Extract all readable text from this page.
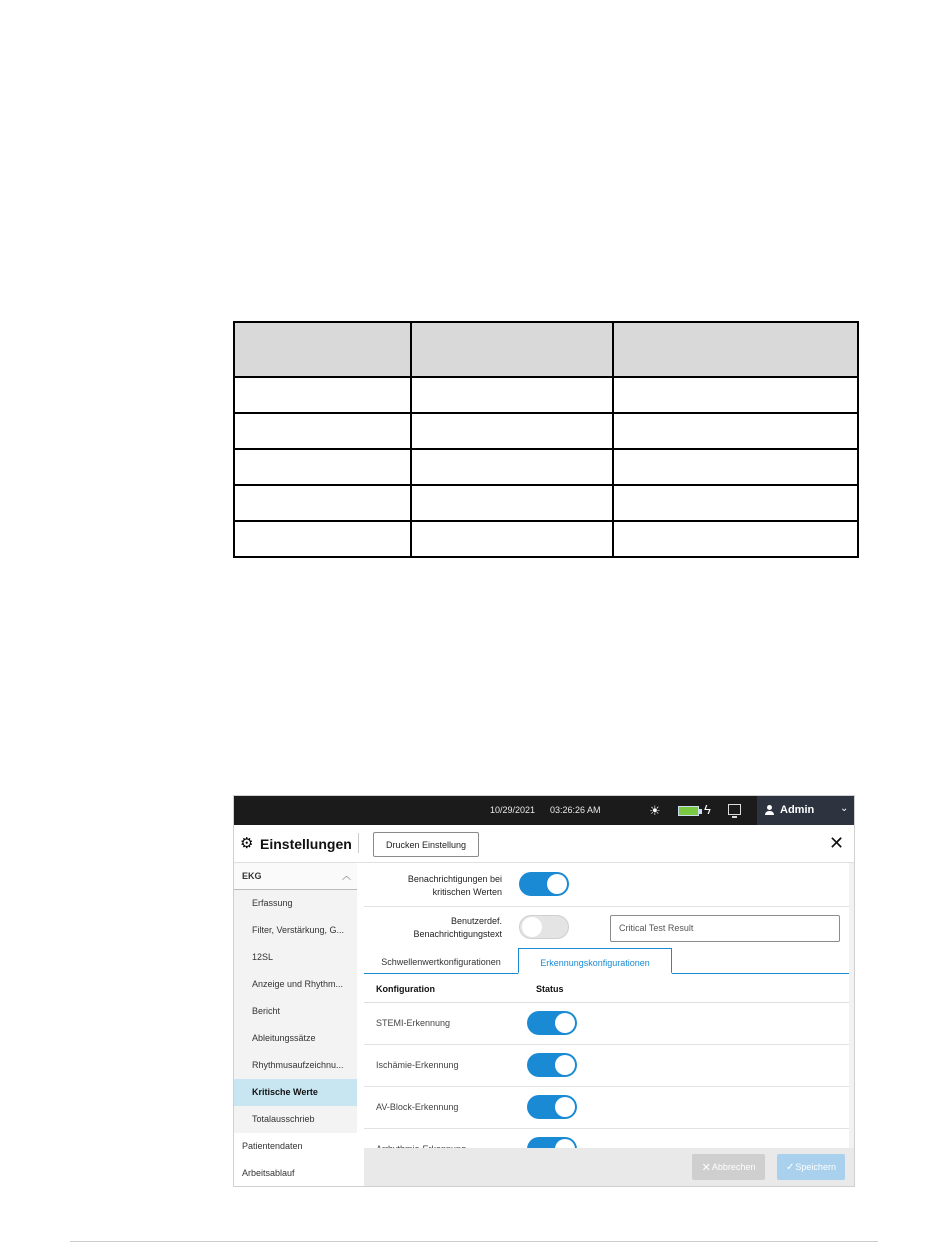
10/29/2021 03:26:26 AM	☀	ϟ	Admin	⌄
⚙ Einstellungen	Drucken Einstellung	✕
EKG	︿
Erfassung
Filter, Verstärkung, G...
12SL
Anzeige und Rhythm...
Bericht
Ableitungssätze
Rhythmusaufzeichnu...
Kritische Werte
Totalausschrieb
Patientendaten
Arbeitsablauf
Benachrichtigungen bei kritischen Werten
Benutzerdef. Benachrichtigungstext
Critical Test Result
Schwellenwertkonfigurationen	Erkennungskonfigurationen
Konfiguration	Status
STEMI-Erkennung
Ischämie-Erkennung
AV-Block-Erkennung
✕ Abbrechen	✓ Speichern
